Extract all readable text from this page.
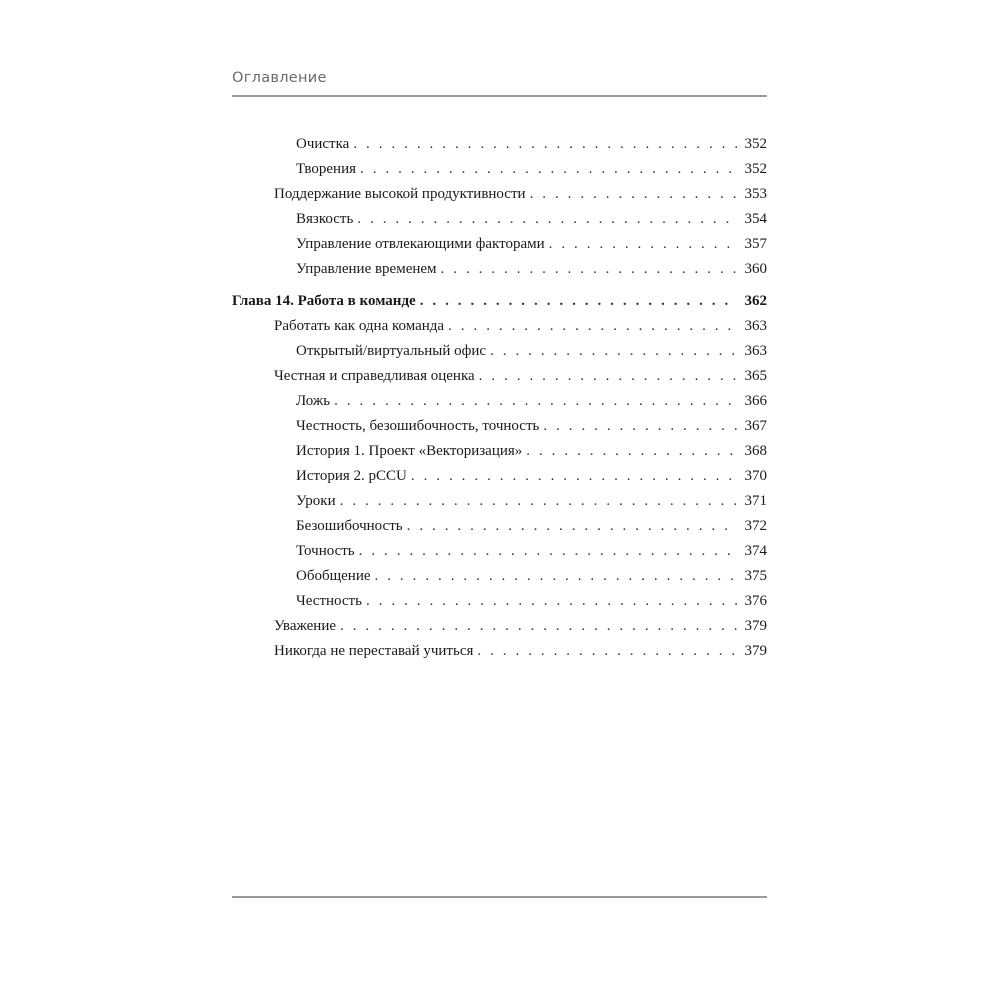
Оглавление
Очистка . . .	352
Творения . . .	352
Поддержание высокой продуктивности . . .	353
Вязкость . . .	354
Управление отвлекающими факторами . . .	357
Управление временем . . .	360
Глава 14. Работа в команде . . .	362
Работать как одна команда . . .	363
Открытый/виртуальный офис . . .	363
Честная и справедливая оценка . . .	365
Ложь . . .	366
Честность, безошибочность, точность . . .	367
История 1. Проект «Векторизация» . . .	368
История 2. pCCU . . .	370
Уроки . . .	371
Безошибочность . . .	372
Точность . . .	374
Обобщение . . .	375
Честность . . .	376
Уважение . . .	379
Никогда не переставай учиться . . .	379
